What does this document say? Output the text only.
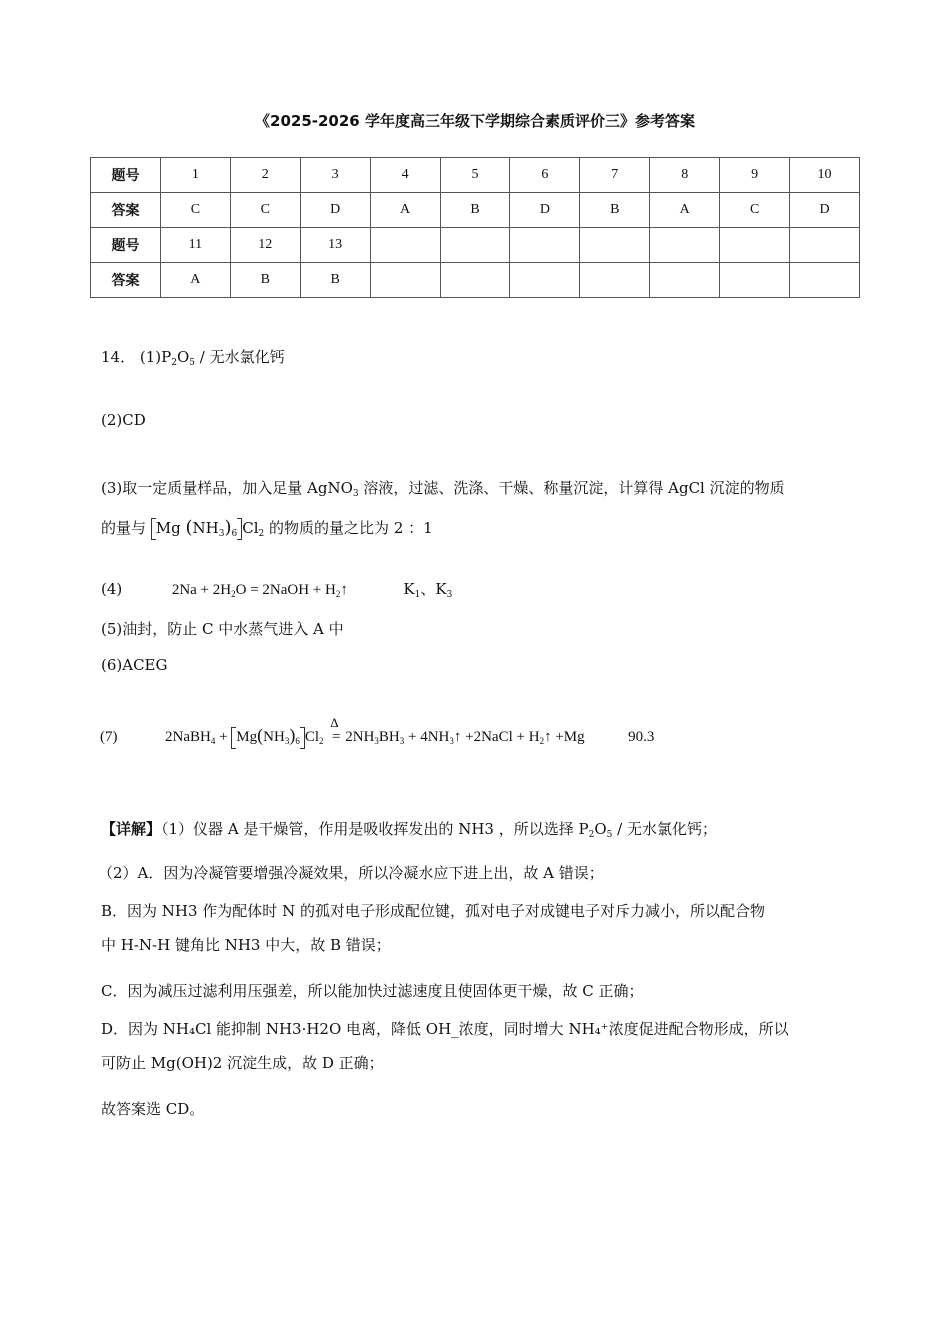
《2025-2026 学年度高三年级下学期综合素质评价三》参考答案
题号	1	2	3	4	5	6	7	8	9	10
答案	C	C	D	A	B	D	B	A	C	D
题号	11	12	13							
答案	A	B	B							
14． $(1)P_2O_5$ / 无水氯化钙
(2)CD
(3)取一定质量样品，加入足量 AgNO$_3$ 溶液，过滤、洗涤、干燥、称量沉淀，计算得 AgCl 沉淀的物质
的量与 Mg $(NH_3)_6$ $Cl_2$ 的物质的量之比为 2 ：1
(4)	$2Na + 2H_2O$ = 2NaOH + $H_2↑$	$K_1$、$K_3$
(5)油封，防止 C 中水蒸气进入 A 中
(6)ACEG
(7)	2NaBH$_4$ + $Mg(NH_3)_6$ $Cl_2$
Δ
= $2NH_3BH_3$ + $4NH_3↑$ +2NaCl + $H_2↑ +Mg$	90.3
【详解】（1）仪器 A 是干燥管，作用是吸收挥发出的 NH3 ，所以选择 $P_2O_5$ / 无水氯化钙；
（2）A．因为冷凝管要增强冷凝效果，所以冷凝水应下进上出，故 A 错误；
B．因为 NH3 作为配体时 N 的孤对电子形成配位键，孤对电子对成键电子对斥力减小，所以配合物
中 H-N-H 键角比 NH3 中大，故 B 错误；
C．因为减压过滤利用压强差，所以能加快过滤速度且使固体更干燥，故 C 正确；
D．因为 NH₄Cl 能抑制 NH3·H2O 电离，降低 OH_浓度，同时增大 NH₄⁺浓度促进配合物形成，所以
可防止 Mg(OH)2 沉淀生成，故 D 正确；
故答案选 CD。
